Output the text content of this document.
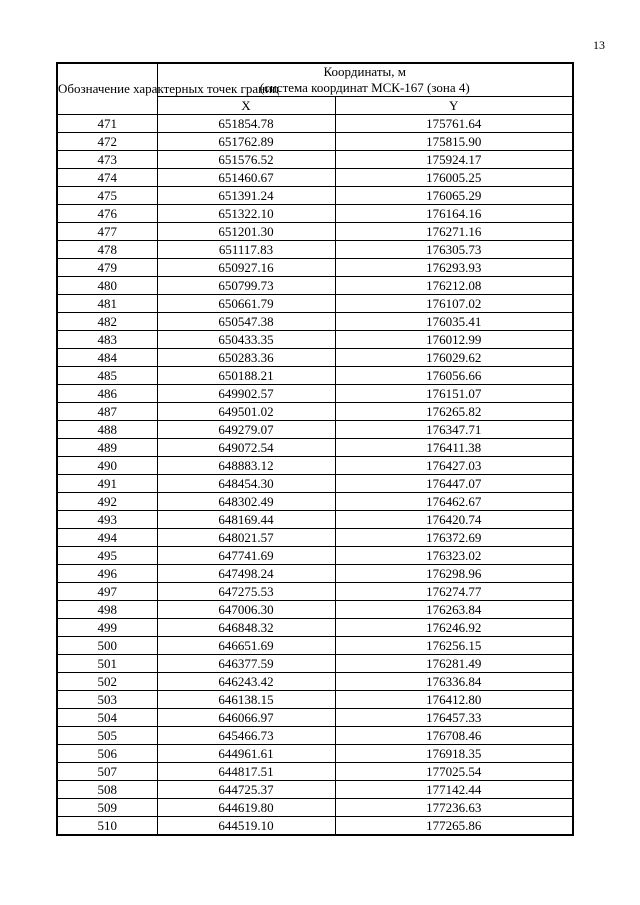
13
Обозначение характерных точек границ	Координаты, м
(система координат МСК-167 (зона 4)	

	X	Y
471	651854.78	175761.64
472	651762.89	175815.90
473	651576.52	175924.17
474	651460.67	176005.25
475	651391.24	176065.29
476	651322.10	176164.16
477	651201.30	176271.16
478	651117.83	176305.73
479	650927.16	176293.93
480	650799.73	176212.08
481	650661.79	176107.02
482	650547.38	176035.41
483	650433.35	176012.99
484	650283.36	176029.62
485	650188.21	176056.66
486	649902.57	176151.07
487	649501.02	176265.82
488	649279.07	176347.71
489	649072.54	176411.38
490	648883.12	176427.03
491	648454.30	176447.07
492	648302.49	176462.67
493	648169.44	176420.74
494	648021.57	176372.69
495	647741.69	176323.02
496	647498.24	176298.96
497	647275.53	176274.77
498	647006.30	176263.84
499	646848.32	176246.92
500	646651.69	176256.15
501	646377.59	176281.49
502	646243.42	176336.84
503	646138.15	176412.80
504	646066.97	176457.33
505	645466.73	176708.46
506	644961.61	176918.35
507	644817.51	177025.54
508	644725.37	177142.44
509	644619.80	177236.63
510	644519.10	177265.86
